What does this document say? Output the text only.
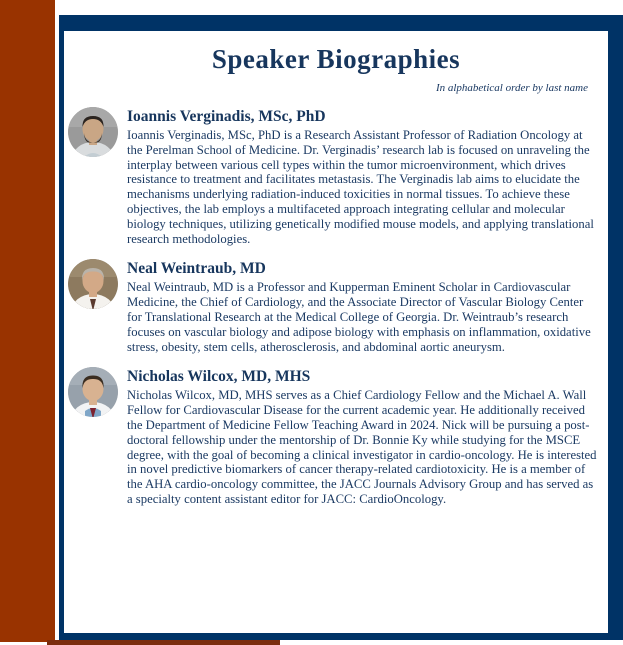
Speaker Biographies
In alphabetical order by last name
Ioannis Verginadis, MSc, PhD

Ioannis Verginadis, MSc, PhD is a Research Assistant Professor of Radiation Oncology at the Perelman School of Medicine. Dr. Verginadis’ research lab is focused on unraveling the interplay between various cell types within the tumor microenvironment, which drives resistance to treatment and facilitates metastasis. The Verginadis lab aims to elucidate the mechanisms underlying radiation-induced toxicities in normal tissues. To achieve these objectives, the lab employs a multifaceted approach integrating cellular and molecular biology techniques, utilizing genetically modified mouse models, and applying translational research methodologies.

Neal Weintraub, MD

Neal Weintraub, MD is a Professor and Kupperman Eminent Scholar in Cardiovascular Medicine, the Chief of Cardiology, and the Associate Director of Vascular Biology Center for Translational Research at the Medical College of Georgia. Dr. Weintraub’s research focuses on vascular biology and adipose biology with emphasis on inflammation, oxidative stress, obesity, stem cells, atherosclerosis, and abdominal aortic aneurysm.

Nicholas Wilcox, MD, MHS

Nicholas Wilcox, MD, MHS serves as a Chief Cardiology Fellow and the Michael A. Wall Fellow for Cardiovascular Disease for the current academic year. He additionally received the Department of Medicine Fellow Teaching Award in 2024. Nick will be pursuing a post-doctoral fellowship under the mentorship of Dr. Bonnie Ky while studying for the MSCE degree, with the goal of becoming a clinical investigator in cardio-oncology. He is interested in novel predictive biomarkers of cancer therapy-related cardiotoxicity. He is a member of the AHA cardio-oncology committee, the JACC Journals Advisory Group and has served as a specialty content assistant editor for JACC: CardioOncology.
